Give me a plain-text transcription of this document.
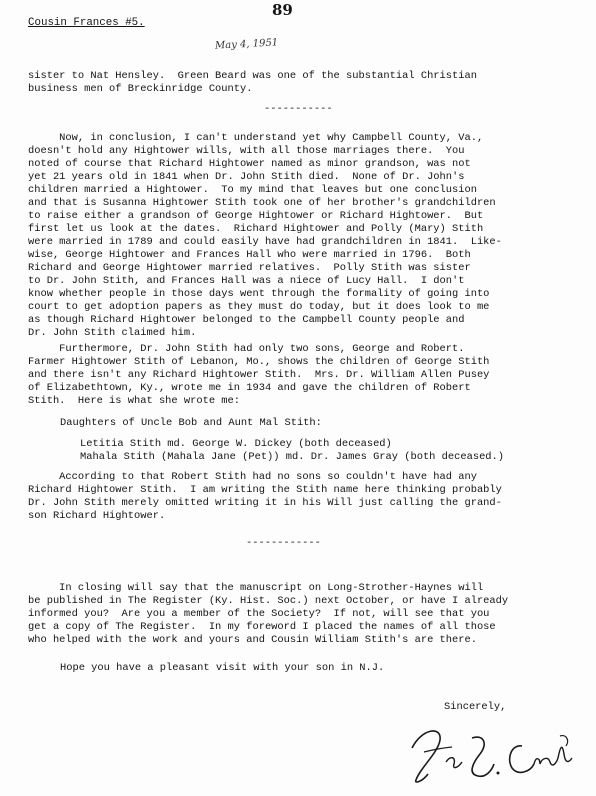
89
Cousin Frances #5.
May 4, 1951
sister to Nat Hensley.  Green Beard was one of the substantial Christian
business men of Breckinridge County.
-----------
Now, in conclusion, I can't understand yet why Campbell County, Va.,
doesn't hold any Hightower wills, with all those marriages there.  You
noted of course that Richard Hightower named as minor grandson, was not
yet 21 years old in 1841 when Dr. John Stith died.  None of Dr. John's
children married a Hightower.  To my mind that leaves but one conclusion
and that is Susanna Hightower Stith took one of her brother's grandchildren
to raise either a grandson of George Hightower or Richard Hightower.  But
first let us look at the dates.  Richard Hightower and Polly (Mary) Stith
were married in 1789 and could easily have had grandchildren in 1841.  Like-
wise, George Hightower and Frances Hall who were married in 1796.  Both
Richard and George Hightower married relatives.  Polly Stith was sister
to Dr. John Stith, and Frances Hall was a niece of Lucy Hall.  I don't
know whether people in those days went through the formality of going into
court to get adoption papers as they must do today, but it does look to me
as though Richard Hightower belonged to the Campbell County people and
Dr. John Stith claimed him.
Furthermore, Dr. John Stith had only two sons, George and Robert.
Farmer Hightower Stith of Lebanon, Mo., shows the children of George Stith
and there isn't any Richard Hightower Stith.  Mrs. Dr. William Allen Pusey
of Elizabethtown, Ky., wrote me in 1934 and gave the children of Robert
Stith.  Here is what she wrote me:
Daughters of Uncle Bob and Aunt Mal Stith:
Letitia Stith md. George W. Dickey (both deceased)
Mahala Stith (Mahala Jane (Pet)) md. Dr. James Gray (both deceased.)
According to that Robert Stith had no sons so couldn't have had any
Richard Hightower Stith.  I am writing the Stith name here thinking probably
Dr. John Stith merely omitted writing it in his Will just calling the grand-
son Richard Hightower.
------------
In closing will say that the manuscript on Long-Strother-Haynes will
be published in The Register (Ky. Hist. Soc.) next October, or have I already
informed you?  Are you a member of the Society?  If not, will see that you
get a copy of The Register.  In my foreword I placed the names of all those
who helped with the work and yours and Cousin William Stith's are there.
Hope you have a pleasant visit with your son in N.J.
Sincerely,
